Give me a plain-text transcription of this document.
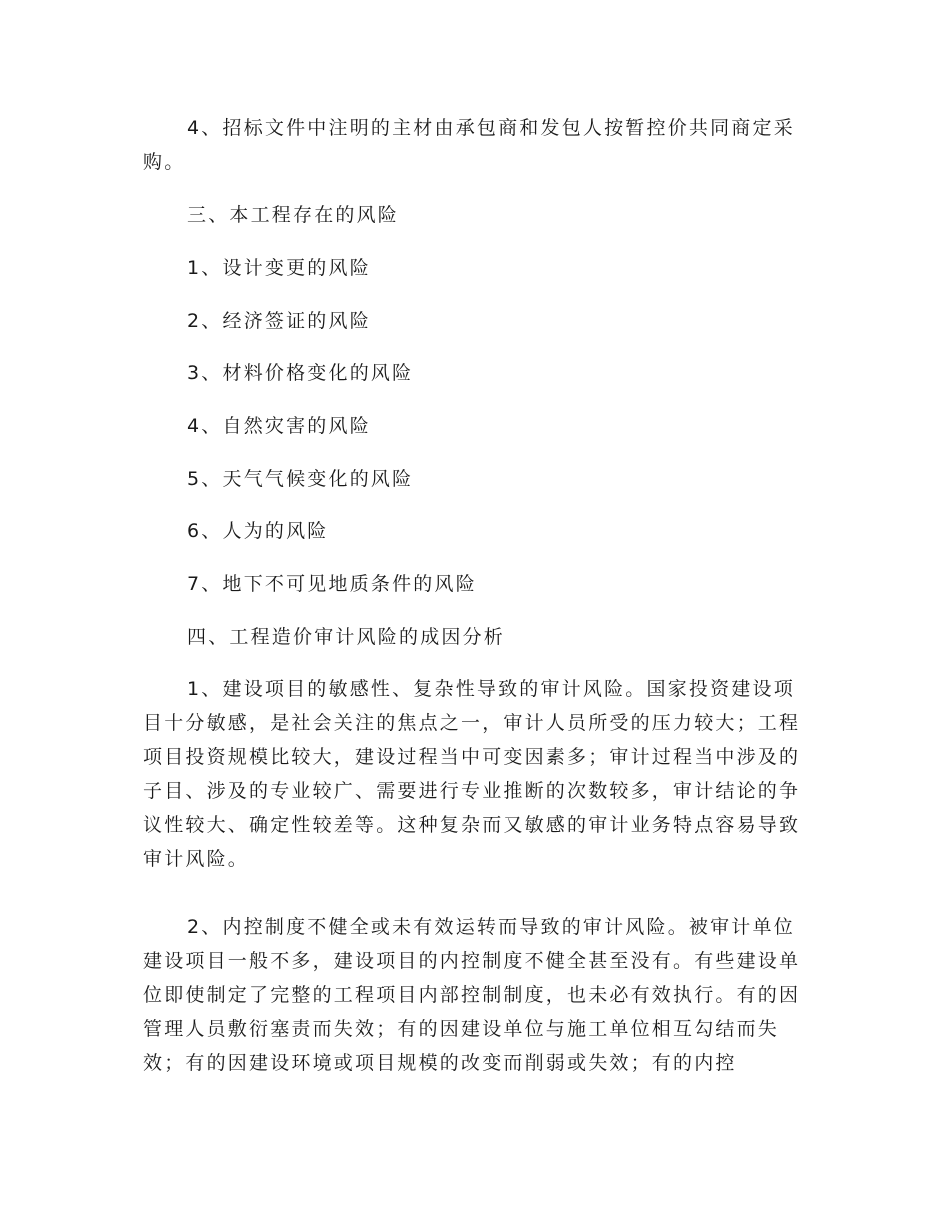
4、招标文件中注明的主材由承包商和发包人按暂控价共同商定采购。

三、本工程存在的风险

1、设计变更的风险

2、经济签证的风险

3、材料价格变化的风险

4、自然灾害的风险

5、天气气候变化的风险

6、人为的风险

7、地下不可见地质条件的风险

四、工程造价审计风险的成因分析

1、建设项目的敏感性、复杂性导致的审计风险。国家投资建设项目十分敏感，是社会关注的焦点之一，审计人员所受的压力较大；工程项目投资规模比较大，建设过程当中可变因素多；审计过程当中涉及的子目、涉及的专业较广、需要进行专业推断的次数较多，审计结论的争议性较大、确定性较差等。这种复杂而又敏感的审计业务特点容易导致审计风险。

2、内控制度不健全或未有效运转而导致的审计风险。被审计单位建设项目一般不多，建设项目的内控制度不健全甚至没有。有些建设单位即使制定了完整的工程项目内部控制制度，也未必有效执行。有的因管理人员敷衍塞责而失效；有的因建设单位与施工单位相互勾结而失效；有的因建设环境或项目规模的改变而削弱或失效；有的内控
